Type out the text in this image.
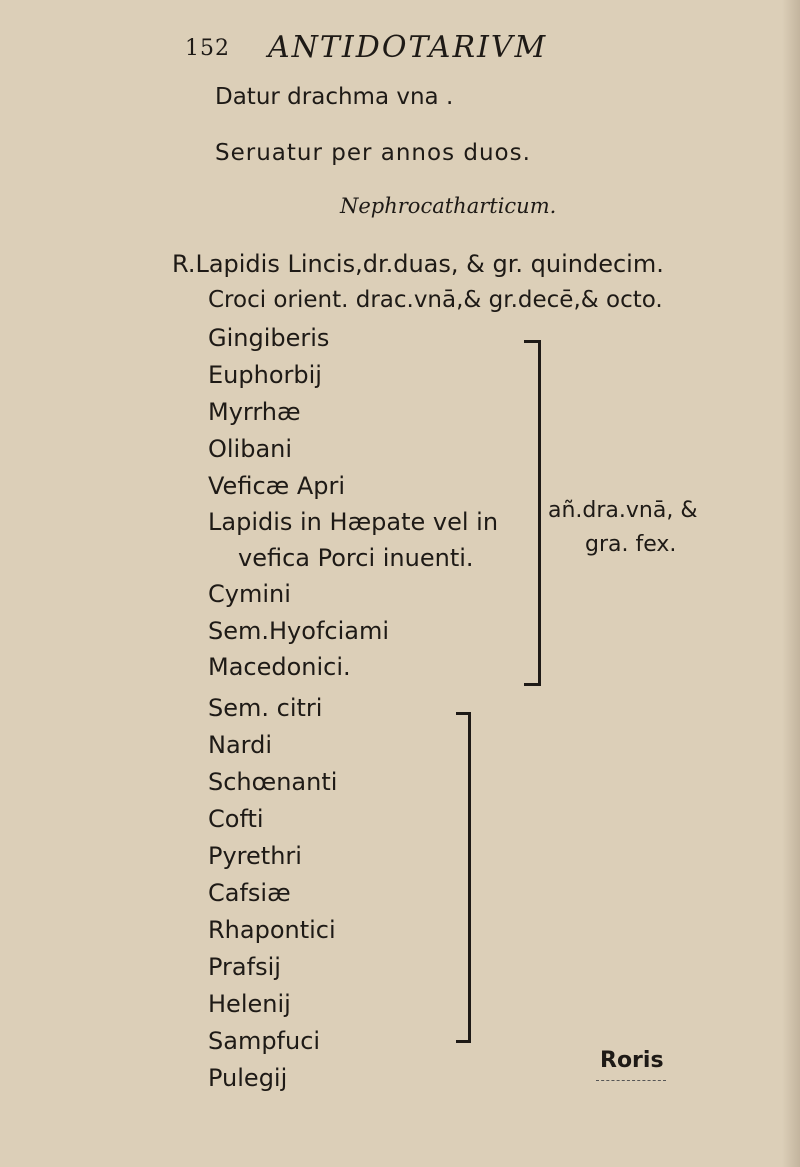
152 ANTIDOTARIVM
Datur drachma vna .
Seruatur per annos duos.
Nephrocatharticum.
R.Lapidis Lincis,dr.duas, & gr. quindecim.
Croci orient. drac.vnā,& gr.decē,& octo.
Gingiberis
Euphorbij
Myrrhæ
Olibani
Veficæ Apri
Lapidis in Hæpate vel in
vefica Porci inuenti.
Cymini
Sem.Hyofciami
Macedonici.
añ.dra.vnā, &
gra. fex.
Sem. citri
Nardi
Schœnanti
Cofti
Pyrethri
Cafsiæ
Rhapontici
Prafsij
Helenij
Sampfuci
Pulegij
Roris
